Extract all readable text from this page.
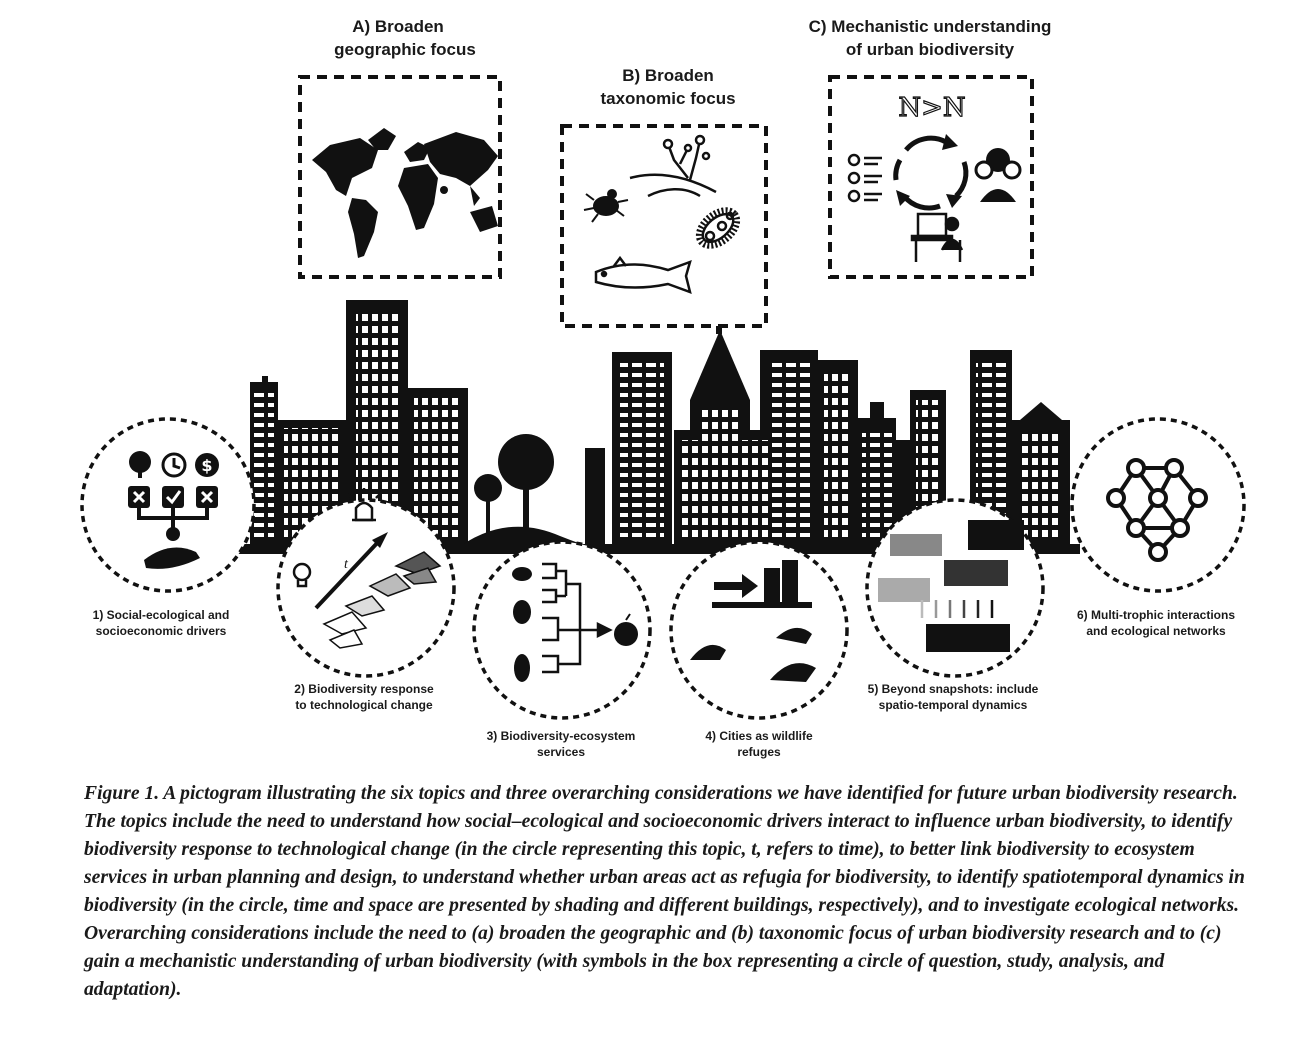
A) Broaden
geographic focus
B) Broaden
taxonomic focus
C) Mechanistic understanding
of urban biodiversity
N>N
$
1) Social-ecological and
socioeconomic drivers
t
2) Biodiversity response
to technological change
3) Biodiversity-ecosystem
services
4) Cities as wildlife
refuges
5) Beyond snapshots: include
spatio-temporal dynamics
6) Multi-trophic interactions
and ecological networks

Figure 1. A pictogram illustrating the six topics and three overarching considerations we have identified for future urban biodiversity research. The topics include the need to understand how social–ecological and socioeconomic drivers interact to influence urban biodiversity, to identify biodiversity response to technological change (in the circle representing this topic, t, refers to time), to better link biodiversity to ecosystem services in urban planning and design, to understand whether urban areas act as refugia for biodiversity, to identify spatiotemporal dynamics in biodiversity (in the circle, time and space are presented by shading and different buildings, respectively), and to investigate ecological networks. Overarching considerations include the need to (a) broaden the geographic and (b) taxonomic focus of urban biodiversity research and to (c) gain a mechanistic understanding of urban biodiversity (with symbols in the box representing a circle of question, study, analysis, and adaptation).
